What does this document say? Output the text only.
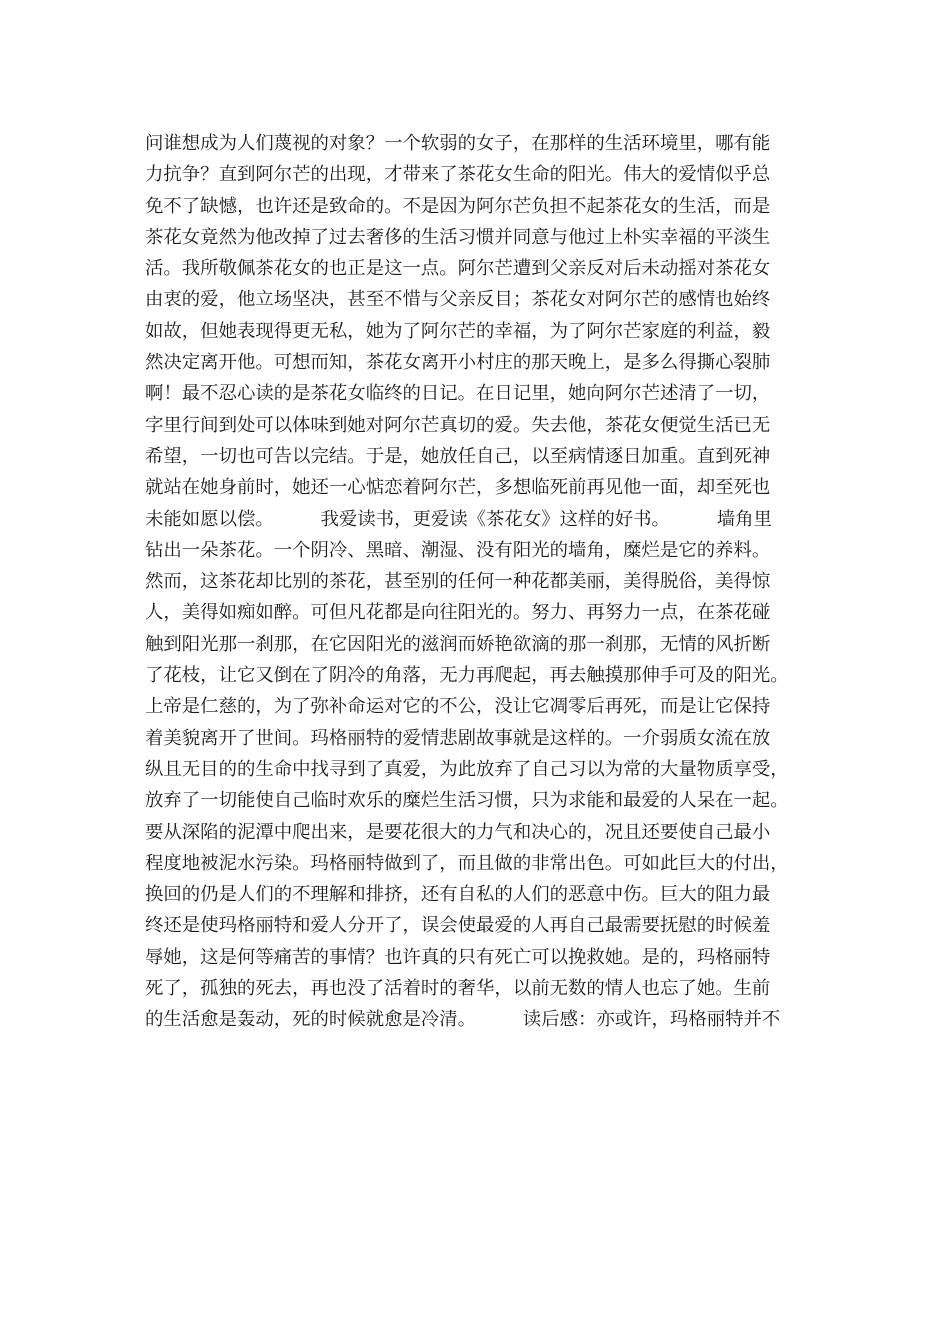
问谁想成为人们蔑视的对象？一个软弱的女子，在那样的生活环境里，哪有能
力抗争？直到阿尔芒的出现，才带来了茶花女生命的阳光。伟大的爱情似乎总
免不了缺憾，也许还是致命的。不是因为阿尔芒负担不起茶花女的生活，而是
茶花女竟然为他改掉了过去奢侈的生活习惯并同意与他过上朴实幸福的平淡生
活。我所敬佩茶花女的也正是这一点。阿尔芒遭到父亲反对后未动摇对茶花女
由衷的爱，他立场坚决，甚至不惜与父亲反目；茶花女对阿尔芒的感情也始终
如故，但她表现得更无私，她为了阿尔芒的幸福，为了阿尔芒家庭的利益，毅
然决定离开他。可想而知，茶花女离开小村庄的那天晚上，是多么得撕心裂肺
啊！最不忍心读的是茶花女临终的日记。在日记里，她向阿尔芒述清了一切，
字里行间到处可以体味到她对阿尔芒真切的爱。失去他，茶花女便觉生活已无
希望，一切也可告以完结。于是，她放任自己，以至病情逐日加重。直到死神
就站在她身前时，她还一心惦恋着阿尔芒，多想临死前再见他一面，却至死也
未能如愿以偿。        我爱读书，更爱读《茶花女》这样的好书。        墙角里
钻出一朵茶花。一个阴冷、黑暗、潮湿、没有阳光的墙角，糜烂是它的养料。
然而，这茶花却比别的茶花，甚至别的任何一种花都美丽，美得脱俗，美得惊
人，美得如痴如醉。可但凡花都是向往阳光的。努力、再努力一点，在茶花碰
触到阳光那一刹那，在它因阳光的滋润而娇艳欲滴的那一刹那，无情的风折断
了花枝，让它又倒在了阴冷的角落，无力再爬起，再去触摸那伸手可及的阳光。
上帝是仁慈的，为了弥补命运对它的不公，没让它凋零后再死，而是让它保持
着美貌离开了世间。玛格丽特的爱情悲剧故事就是这样的。一介弱质女流在放
纵且无目的的生命中找寻到了真爱，为此放弃了自己习以为常的大量物质享受，
放弃了一切能使自己临时欢乐的糜烂生活习惯，只为求能和最爱的人呆在一起。
要从深陷的泥潭中爬出来，是要花很大的力气和决心的，况且还要使自己最小
程度地被泥水污染。玛格丽特做到了，而且做的非常出色。可如此巨大的付出，
换回的仍是人们的不理解和排挤，还有自私的人们的恶意中伤。巨大的阻力最
终还是使玛格丽特和爱人分开了，误会使最爱的人再自己最需要抚慰的时候羞
辱她，这是何等痛苦的事情？也许真的只有死亡可以挽救她。是的，玛格丽特
死了，孤独的死去，再也没了活着时的奢华，以前无数的情人也忘了她。生前
的生活愈是轰动，死的时候就愈是冷清。        读后感：亦或许，玛格丽特并不
